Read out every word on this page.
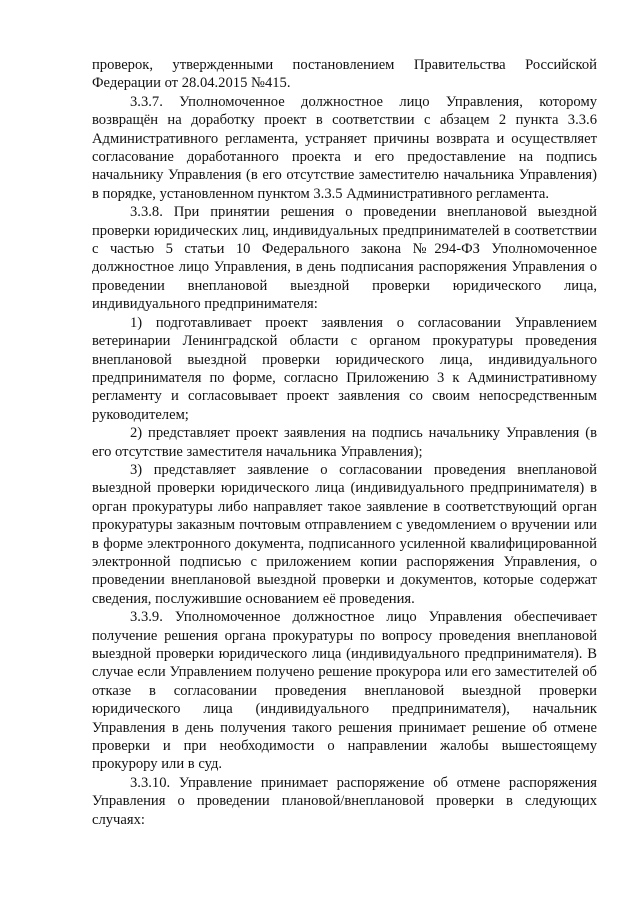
проверок, утвержденными постановлением Правительства Российской Федерации от 28.04.2015 №415.

3.3.7. Уполномоченное должностное лицо Управления, которому возвращён на доработку проект в соответствии с абзацем 2 пункта 3.3.6 Административного регламента, устраняет причины возврата и осуществляет согласование доработанного проекта и его предоставление на подпись начальнику Управления (в его отсутствие заместителю начальника Управления) в порядке, установленном пунктом 3.3.5 Административного регламента.

3.3.8. При принятии решения о проведении внеплановой выездной проверки юридических лиц, индивидуальных предпринимателей в соответствии с частью 5 статьи 10 Федерального закона №294-ФЗ Уполномоченное должностное лицо Управления, в день подписания распоряжения Управления о проведении внеплановой выездной проверки юридического лица, индивидуального предпринимателя:

1) подготавливает проект заявления о согласовании Управлением ветеринарии Ленинградской области с органом прокуратуры проведения внеплановой выездной проверки юридического лица, индивидуального предпринимателя по форме, согласно Приложению 3 к Административному регламенту и согласовывает проект заявления со своим непосредственным руководителем;

2) представляет проект заявления на подпись начальнику Управления (в его отсутствие заместителя начальника Управления);

3) представляет заявление о согласовании проведения внеплановой выездной проверки юридического лица (индивидуального предпринимателя) в орган прокуратуры либо направляет такое заявление в соответствующий орган прокуратуры заказным почтовым отправлением с уведомлением о вручении или в форме электронного документа, подписанного усиленной квалифицированной электронной подписью с приложением копии распоряжения Управления, о проведении внеплановой выездной проверки и документов, которые содержат сведения, послужившие основанием её проведения.

3.3.9. Уполномоченное должностное лицо Управления обеспечивает получение решения органа прокуратуры по вопросу проведения внеплановой выездной проверки юридического лица (индивидуального предпринимателя). В случае если Управлением получено решение прокурора или его заместителей об отказе в согласовании проведения внеплановой выездной проверки юридического лица (индивидуального предпринимателя), начальник Управления в день получения такого решения принимает решение об отмене проверки и при необходимости о направлении жалобы вышестоящему прокурору или в суд.

3.3.10. Управление принимает распоряжение об отмене распоряжения Управления о проведении плановой/внеплановой проверки в следующих случаях:
